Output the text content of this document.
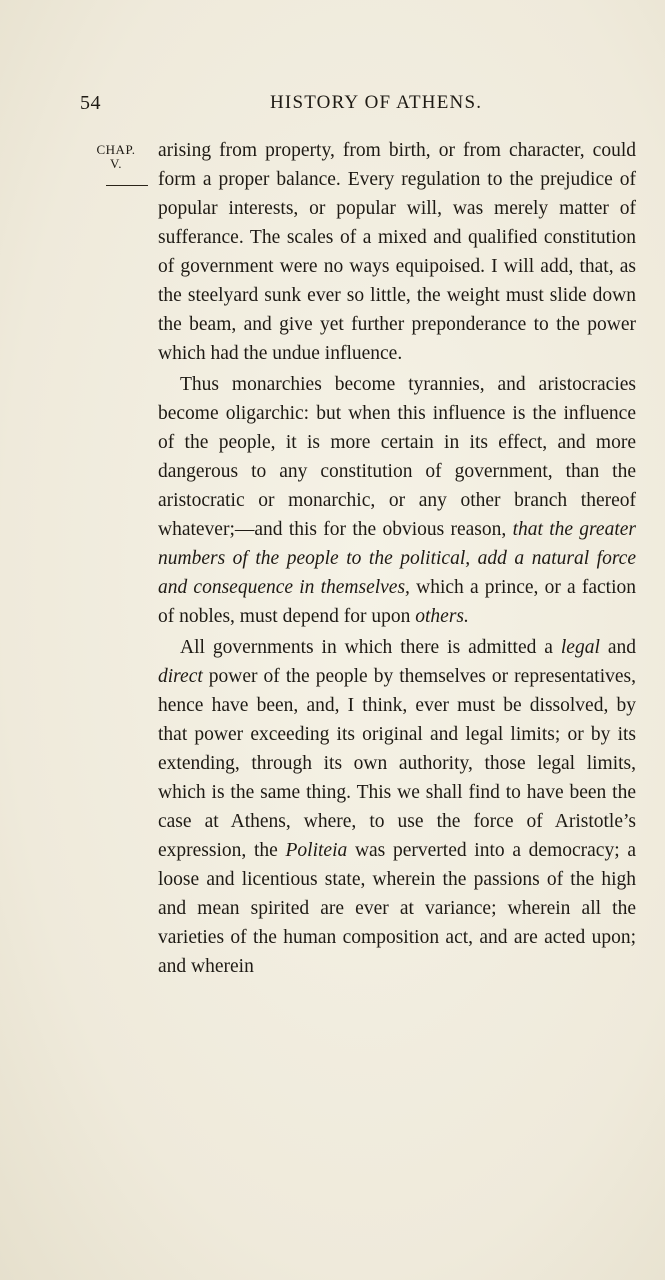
54	HISTORY OF ATHENS.
CHAP.
V.

arising from property, from birth, or from character, could form a proper balance. Every regulation to the prejudice of popular interests, or popular will, was merely matter of sufferance. The scales of a mixed and qualified constitution of government were no ways equipoised. I will add, that, as the steelyard sunk ever so little, the weight must slide down the beam, and give yet further preponderance to the power which had the undue influence.

Thus monarchies become tyrannies, and aristocracies become oligarchic: but when this influence is the influence of the people, it is more certain in its effect, and more dangerous to any constitution of government, than the aristocratic or monarchic, or any other branch thereof whatever;—and this for the obvious reason, that the greater numbers of the people to the political, add a natural force and consequence in themselves, which a prince, or a faction of nobles, must depend for upon others.

All governments in which there is admitted a legal and direct power of the people by themselves or representatives, hence have been, and, I think, ever must be dissolved, by that power exceeding its original and legal limits; or by its extending, through its own authority, those legal limits, which is the same thing. This we shall find to have been the case at Athens, where, to use the force of Aristotle’s expression, the Politeia was perverted into a democracy; a loose and licentious state, wherein the passions of the high and mean spirited are ever at variance; wherein all the varieties of the human composition act, and are acted upon; and wherein
